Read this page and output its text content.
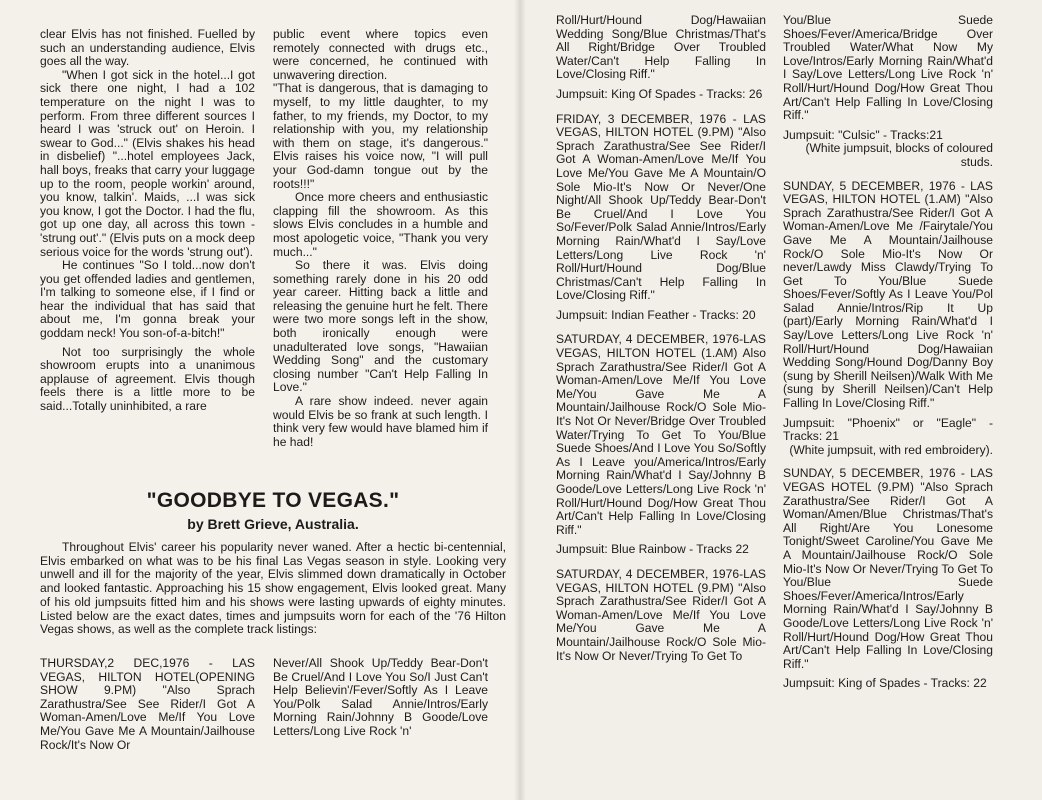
clear Elvis has not finished. Fuelled by such an understanding audience, Elvis goes all the way.

"When I got sick in the hotel...I got sick there one night, I had a 102 temperature on the night I was to perform. From three different sources I heard I was 'struck out' on Heroin. I swear to God..." (Elvis shakes his head in disbelief) "...hotel employees Jack, hall boys, freaks that carry your luggage up to the room, people workin' around, you know, talkin'. Maids, ...I was sick you know, I got the Doctor. I had the flu, got up one day, all across this town - 'strung out'." (Elvis puts on a mock deep serious voice for the words 'strung out').

He continues "So I told...now don't you get offended ladies and gentlemen, I'm talking to someone else, if I find or hear the individual that has said that about me, I'm gonna break your goddam neck! You son-of-a-bitch!"

Not too surprisingly the whole showroom erupts into a unanimous applause of agreement. Elvis though feels there is a little more to be said...Totally uninhibited, a rare

public event where topics even remotely connected with drugs etc., were concerned, he continued with unwavering direction.

"That is dangerous, that is damaging to myself, to my little daughter, to my father, to my friends, my Doctor, to my relationship with you, my relationship with them on stage, it's dangerous." Elvis raises his voice now, "I will pull your God-damn tongue out by the roots!!!"

Once more cheers and enthusiastic clapping fill the showroom. As this slows Elvis concludes in a humble and most apologetic voice, "Thank you very much..."

So there it was. Elvis doing something rarely done in his 20 odd year career. Hitting back a little and releasing the genuine hurt he felt. There were two more songs left in the show, both ironically enough were unadulterated love songs, "Hawaiian Wedding Song" and the customary closing number "Can't Help Falling In Love."

A rare show indeed. never again would Elvis be so frank at such length. I think very few would have blamed him if he had!

"GOODBYE TO VEGAS."

by Brett Grieve, Australia.

Throughout Elvis' career his popularity never waned. After a hectic bi-centennial, Elvis embarked on what was to be his final Las Vegas season in style. Looking very unwell and ill for the majority of the year, Elvis slimmed down dramatically in October and looked fantastic. Approaching his 15 show engagement, Elvis looked great. Many of his old jumpsuits fitted him and his shows were lasting upwards of eighty minutes. Listed below are the exact dates, times and jumpsuits worn for each of the '76 Hilton Vegas shows, as well as the complete track listings:

THURSDAY,2 DEC,1976 - LAS VEGAS, HILTON HOTEL(OPENING SHOW 9.PM) "Also Sprach Zarathustra/See See Rider/I Got A Woman-Amen/Love Me/If You Love Me/You Gave Me A Mountain/Jailhouse Rock/It's Now Or

Never/All Shook Up/Teddy Bear-Don't Be Cruel/And I Love You So/I Just Can't Help Believin'/Fever/Softly As I Leave You/Polk Salad Annie/Intros/Early Morning Rain/Johnny B Goode/Love Letters/Long Live Rock 'n'

Roll/Hurt/Hound Dog/Hawaiian Wedding Song/Blue Christmas/That's All Right/Bridge Over Troubled Water/Can't Help Falling In Love/Closing Riff."

Jumpsuit: King Of Spades - Tracks: 26

FRIDAY, 3 DECEMBER, 1976 - LAS VEGAS, HILTON HOTEL (9.PM) "Also Sprach Zarathustra/See See Rider/I Got A Woman-Amen/Love Me/If You Love Me/You Gave Me A Mountain/O Sole Mio-It's Now Or Never/One Night/All Shook Up/Teddy Bear-Don't Be Cruel/And I Love You So/Fever/Polk Salad Annie/Intros/Early Morning Rain/What'd I Say/Love Letters/Long Live Rock 'n' Roll/Hurt/Hound Dog/Blue Christmas/Can't Help Falling In Love/Closing Riff."

Jumpsuit: Indian Feather - Tracks: 20

SATURDAY, 4 DECEMBER, 1976-LAS VEGAS, HILTON HOTEL (1.AM) Also Sprach Zarathustra/See Rider/I Got A Woman-Amen/Love Me/If You Love Me/You Gave Me A Mountain/Jailhouse Rock/O Sole Mio-It's Not Or Never/Bridge Over Troubled Water/Trying To Get To You/Blue Suede Shoes/And I Love You So/Softly As I Leave you/America/Intros/Early Morning Rain/What'd I Say/Johnny B Goode/Love Letters/Long Live Rock 'n' Roll/Hurt/Hound Dog/How Great Thou Art/Can't Help Falling In Love/Closing Riff."

Jumpsuit: Blue Rainbow - Tracks 22

SATURDAY, 4 DECEMBER, 1976-LAS VEGAS, HILTON HOTEL (9.PM) "Also Sprach Zarathustra/See Rider/I Got A Woman-Amen/Love Me/If You Love Me/You Gave Me A Mountain/Jailhouse Rock/O Sole Mio-It's Now Or Never/Trying To Get To

You/Blue Suede Shoes/Fever/America/Bridge Over Troubled Water/What Now My Love/Intros/Early Morning Rain/What'd I Say/Love Letters/Long Live Rock 'n' Roll/Hurt/Hound Dog/How Great Thou Art/Can't Help Falling In Love/Closing Riff."

Jumpsuit: "Culsic" - Tracks:21

(White jumpsuit, blocks of coloured studs.

SUNDAY, 5 DECEMBER, 1976 - LAS VEGAS, HILTON HOTEL (1.AM) "Also Sprach Zarathustra/See Rider/I Got A Woman-Amen/Love Me /Fairytale/You Gave Me A Mountain/Jailhouse Rock/O Sole Mio-It's Now Or never/Lawdy Miss Clawdy/Trying To Get To You/Blue Suede Shoes/Fever/Softly As I Leave You/Pol Salad Annie/Intros/Rip It Up (part)/Early Morning Rain/What'd I Say/Love Letters/Long Live Rock 'n' Roll/Hurt/Hound Dog/Hawaiian Wedding Song/Hound Dog/Danny Boy (sung by Sherill Neilsen)/Walk With Me (sung by Sherill Neilsen)/Can't Help Falling In Love/Closing Riff."

Jumpsuit: "Phoenix" or "Eagle" - Tracks: 21

(White jumpsuit, with red embroidery).

SUNDAY, 5 DECEMBER, 1976 - LAS VEGAS HOTEL (9.PM) "Also Sprach Zarathustra/See Rider/I Got A Woman/Amen/Blue Christmas/That's All Right/Are You Lonesome Tonight/Sweet Caroline/You Gave Me A Mountain/Jailhouse Rock/O Sole Mio-It's Now Or Never/Trying To Get To You/Blue Suede Shoes/Fever/America/Intros/Early Morning Rain/What'd I Say/Johnny B Goode/Love Letters/Long Live Rock 'n' Roll/Hurt/Hound Dog/How Great Thou Art/Can't Help Falling In Love/Closing Riff."

Jumpsuit: King of Spades - Tracks: 22
